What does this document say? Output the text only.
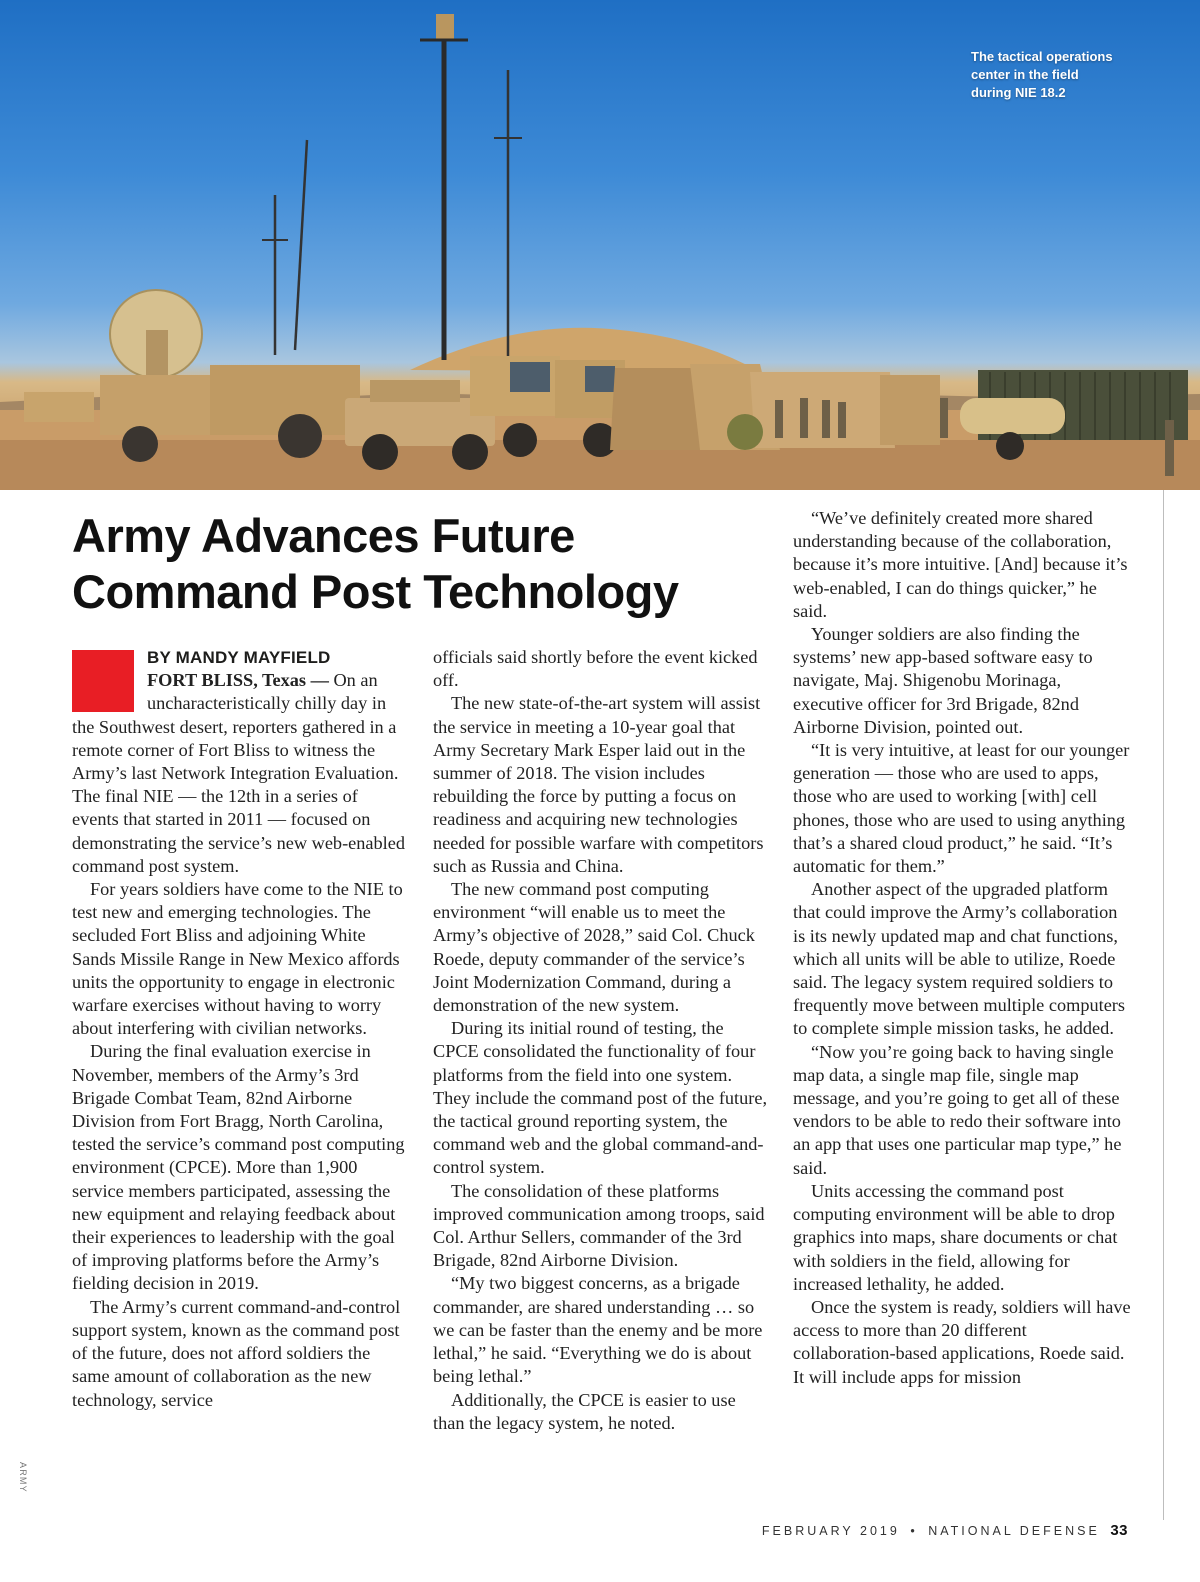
The tactical operations
center in the field
during NIE 18.2
Army Advances Future
Command Post Technology
BY MANDY MAYFIELD

FORT BLISS, Texas — On an uncharacteristically chilly day in the Southwest desert, reporters gathered in a remote corner of Fort Bliss to witness the Army’s last Network Integration Evaluation. The final NIE — the 12th in a series of events that started in 2011 — focused on demonstrating the service’s new web-enabled command post system.

For years soldiers have come to the NIE to test new and emerging technologies. The secluded Fort Bliss and adjoining White Sands Missile Range in New Mexico affords units the opportunity to engage in electronic warfare exercises without having to worry about interfering with civilian networks.

During the final evaluation exercise in November, members of the Army’s 3rd Brigade Combat Team, 82nd Airborne Division from Fort Bragg, North Carolina, tested the service’s command post computing environment (CPCE). More than 1,900 service members participated, assessing the new equipment and relaying feedback about their experiences to leadership with the goal of improving platforms before the Army’s fielding decision in 2019.

The Army’s current command-and-control support system, known as the command post of the future, does not afford soldiers the same amount of collaboration as the new technology, service

officials said shortly before the event kicked off.

The new state-of-the-art system will assist the service in meeting a 10-year goal that Army Secretary Mark Esper laid out in the summer of 2018. The vision includes rebuilding the force by putting a focus on readiness and acquiring new technologies needed for possible warfare with competitors such as Russia and China.

The new command post computing environment “will enable us to meet the Army’s objective of 2028,” said Col. Chuck Roede, deputy commander of the service’s Joint Modernization Command, during a demonstration of the new system.

During its initial round of testing, the CPCE consolidated the functionality of four platforms from the field into one system. They include the command post of the future, the tactical ground reporting system, the command web and the global command-and-control system.

The consolidation of these platforms improved communication among troops, said Col. Arthur Sellers, commander of the 3rd Brigade, 82nd Airborne Division.

“My two biggest concerns, as a brigade commander, are shared understanding … so we can be faster than the enemy and be more lethal,” he said. “Everything we do is about being lethal.”

Additionally, the CPCE is easier to use than the legacy system, he noted.

“We’ve definitely created more shared understanding because of the collaboration, because it’s more intuitive. [And] because it’s web-enabled, I can do things quicker,” he said.

Younger soldiers are also finding the systems’ new app-based software easy to navigate, Maj. Shigenobu Morinaga, executive officer for 3rd Brigade, 82nd Airborne Division, pointed out.

“It is very intuitive, at least for our younger generation — those who are used to apps, those who are used to working [with] cell phones, those who are used to using anything that’s a shared cloud product,” he said. “It’s automatic for them.”

Another aspect of the upgraded platform that could improve the Army’s collaboration is its newly updated map and chat functions, which all units will be able to utilize, Roede said. The legacy system required soldiers to frequently move between multiple computers to complete simple mission tasks, he added.

“Now you’re going back to having single map data, a single map file, single map message, and you’re going to get all of these vendors to be able to redo their software into an app that uses one particular map type,” he said.

Units accessing the command post computing environment will be able to drop graphics into maps, share documents or chat with soldiers in the field, allowing for increased lethality, he added.

Once the system is ready, soldiers will have access to more than 20 different collaboration-based applications, Roede said. It will include apps for mission

ARMY
FEBRUARY 2019 • NATIONAL DEFENSE 33
